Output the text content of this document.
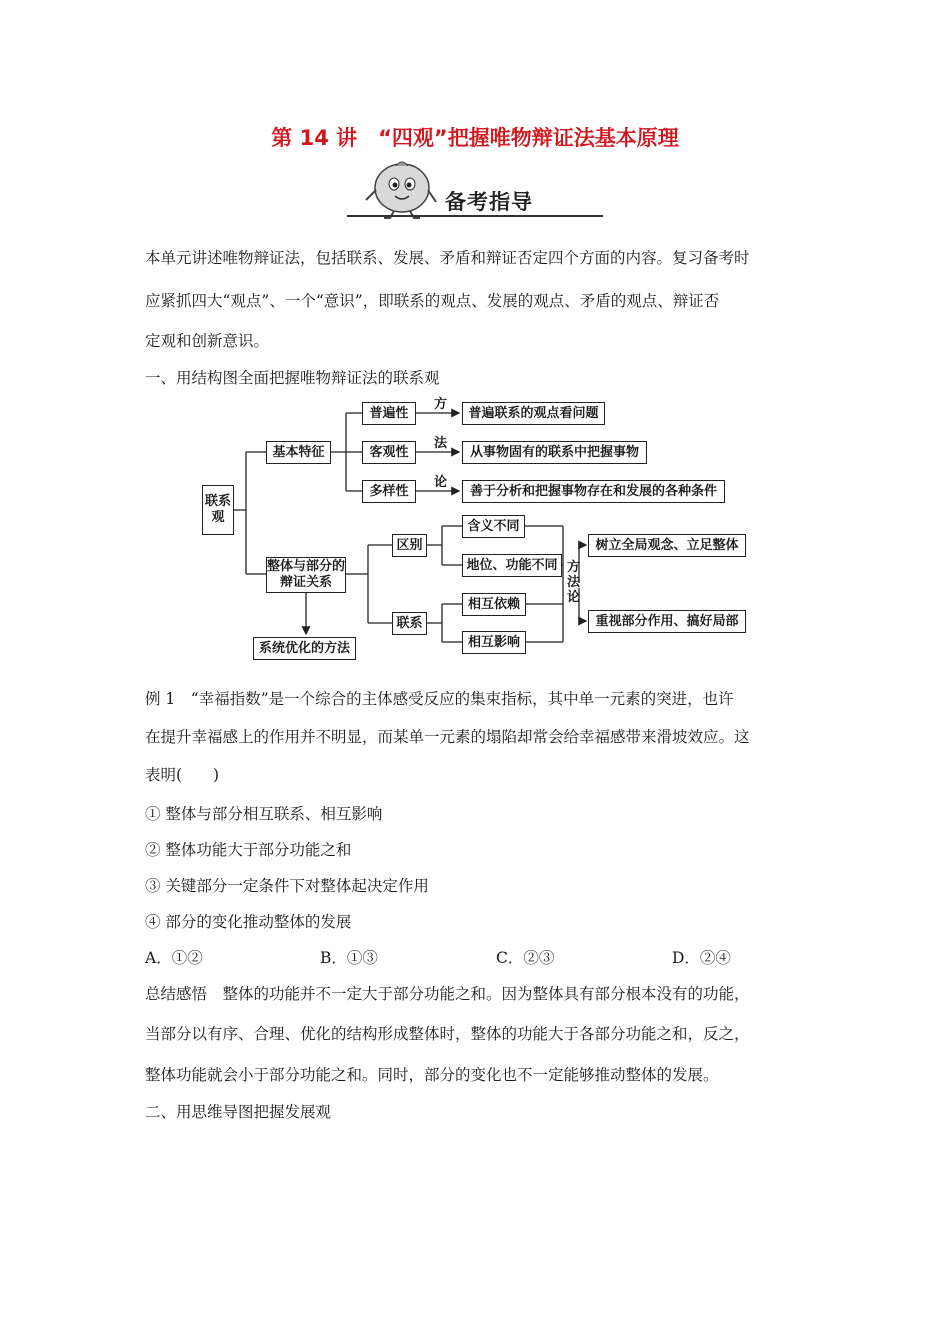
第 14 讲　“四观”把握唯物辩证法基本原理
备考指导
本单元讲述唯物辩证法，包括联系、发展、矛盾和辩证否定四个方面的内容。复习备考时
应紧抓四大“观点”、一个“意识”，即联系的观点、发展的观点、矛盾的观点、辩证否
定观和创新意识。
一、用结构图全面把握唯物辩证法的联系观
联系观
基本特征
普遍性
客观性
多样性
方
法
论
普遍联系的观点看问题
从事物固有的联系中把握事物
善于分析和把握事物存在和发展的各种条件
整体与部分的辩证关系
区别
联系
含义不同
地位、功能不同
相互依赖
相互影响
方法论
树立全局观念、立足整体
重视部分作用、搞好局部
系统优化的方法
例 1　“幸福指数”是一个综合的主体感受反应的集束指标，其中单一元素的突进，也许
在提升幸福感上的作用并不明显，而某单一元素的塌陷却常会给幸福感带来滑坡效应。这
表明(　　)
① 整体与部分相互联系、相互影响
② 整体功能大于部分功能之和
③ 关键部分一定条件下对整体起决定作用
④ 部分的变化推动整体的发展
A．①②	B．①③	C．②③	D．②④
总结感悟　整体的功能并不一定大于部分功能之和。因为整体具有部分根本没有的功能，
当部分以有序、合理、优化的结构形成整体时，整体的功能大于各部分功能之和，反之，
整体功能就会小于部分功能之和。同时，部分的变化也不一定能够推动整体的发展。
二、用思维导图把握发展观
